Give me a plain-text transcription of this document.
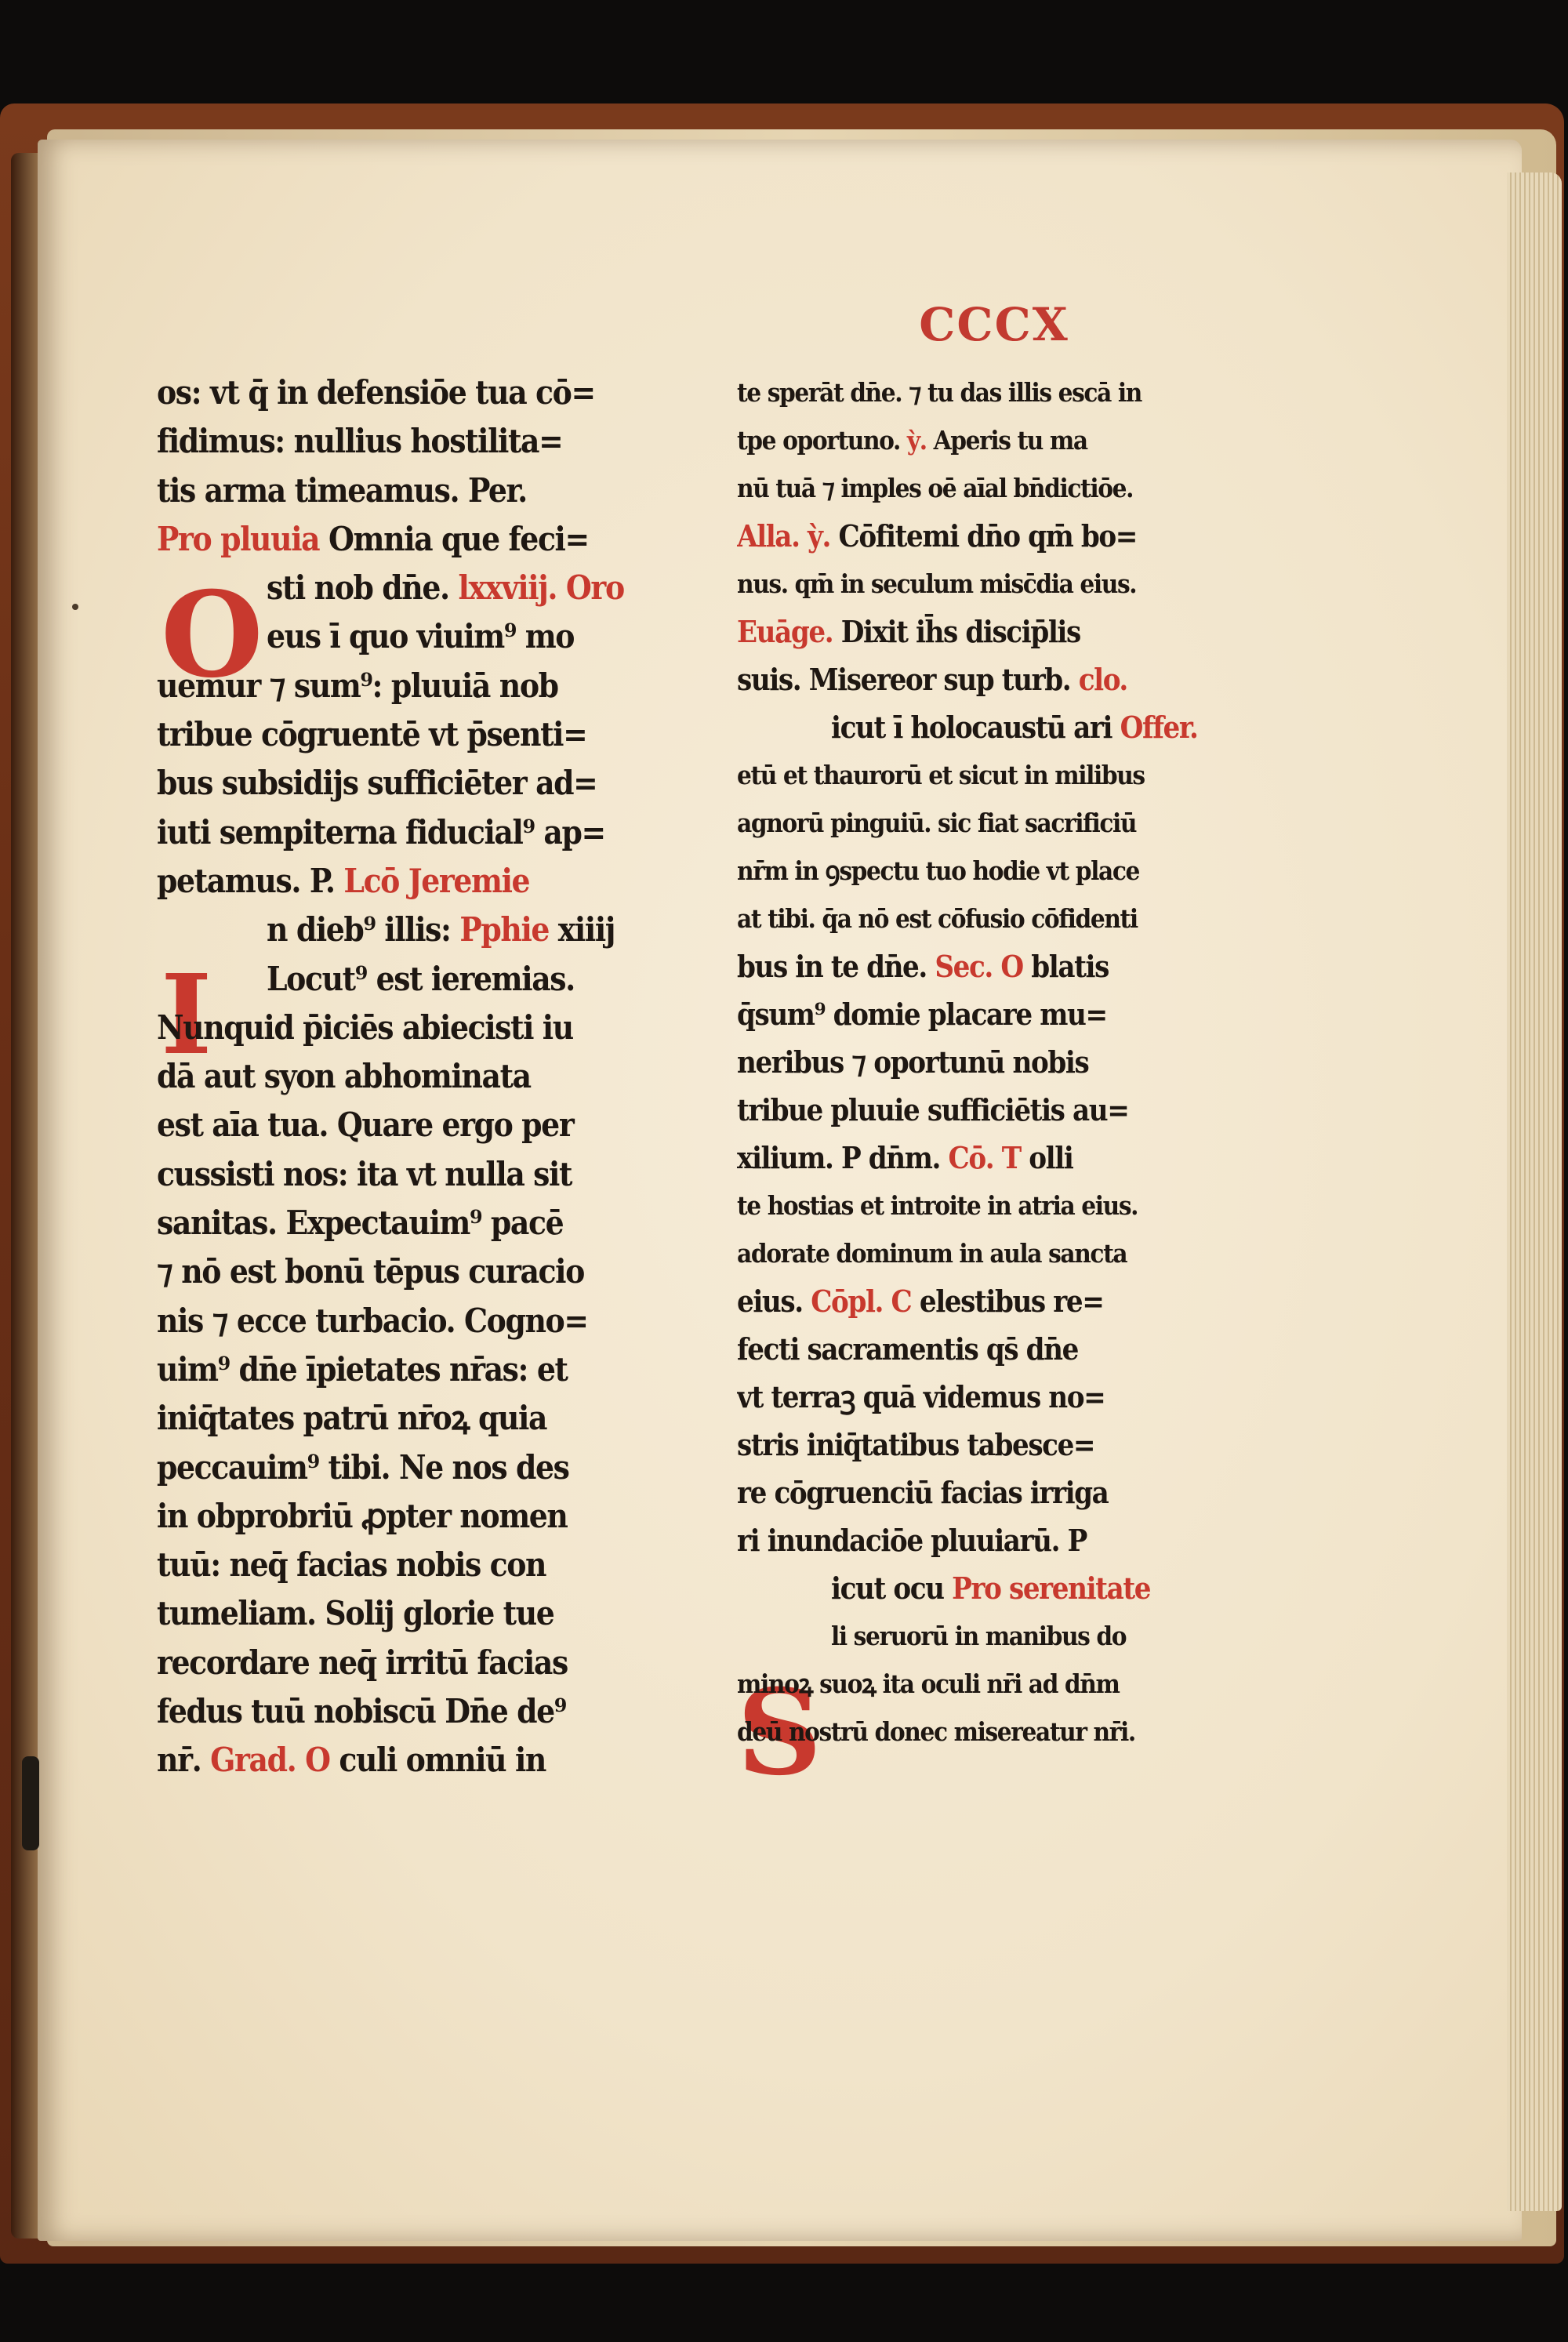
CCCX
O
I
S
os: vt q̄ in defensiōe tua cō=
fidimus: nullius hostilita=
tis arma timeamus. Per.
Pro pluuia Omnia que feci=
sti nob dn̄e. lxxviij. Oro
eus ī quo viuim⁹ mo
uemur ⁊ sum⁹: pluuiā nob
tribue cōgruentē vt p̄senti=
bus subsidijs sufficiēter ad=
iuti sempiterna fiducial⁹ ap=
petamus. P. Lcō Jeremie
n dieb⁹ illis: Pphie xiiij
Locut⁹ est ieremias.
Nunquid p̄iciēs abiecisti iu
dā aut syon abhominata
est aīa tua. Quare ergo per
cussisti nos: ita vt nulla sit
sanitas. Expectauim⁹ pacē
⁊ nō est bonū tēpus curacio
nis ⁊ ecce turbacio. Cogno=
uim⁹ dn̄e īpietates nr̄as: et
iniq̄tates patrū nr̄oꝝ quia
peccauim⁹ tibi. Ne nos des
in obprobriū ꝓpter nomen
tuū: neq̄ facias nobis con
tumeliam. Solij glorie tue
recordare neq̄ irritū facias
fedus tuū nobiscū Dn̄e de⁹
nr̄. Grad. O culi omniū in
te sperāt dn̄e. ⁊ tu das illis escā in
tpe oportuno. ỳ. Aperis tu ma
nū tuā ⁊ imples oē aīal bn̄dictiōe.
Alla. ỳ. Cōfitemi dn̄o qm̄ bo=
nus. qm̄ in seculum misc̄dia eius.
Euāge. Dixit ih̄s discip̄lis
suis. Misereor sup turb. clo.
icut ī holocaustū ari Offer.
etū et thaurorū et sicut in milibus
agnorū pinguiū. sic fiat sacrificiū
nr̄m in ꝯspectu tuo hodie vt place
at tibi. q̄a nō est cōfusio cōfidenti
bus in te dn̄e. Sec. O blatis
q̄sum⁹ domie placare mu=
neribus ⁊ oportunū nobis
tribue pluuie sufficiētis au=
xilium. P dn̄m. Cō. T olli
te hostias et introite in atria eius.
adorate dominum in aula sancta
eius. Cōpl. C elestibus re=
fecti sacramentis qs̄ dn̄e
vt terraꝫ quā videmus no=
stris iniq̄tatibus tabesce=
re cōgruenciū facias irriga
ri inundaciōe pluuiarū. P
icut ocu Pro serenitate
li seruorū in manibus do
minoꝝ suoꝝ ita oculi nr̄i ad dn̄m
deū nostrū donec misereatur nr̄i.
